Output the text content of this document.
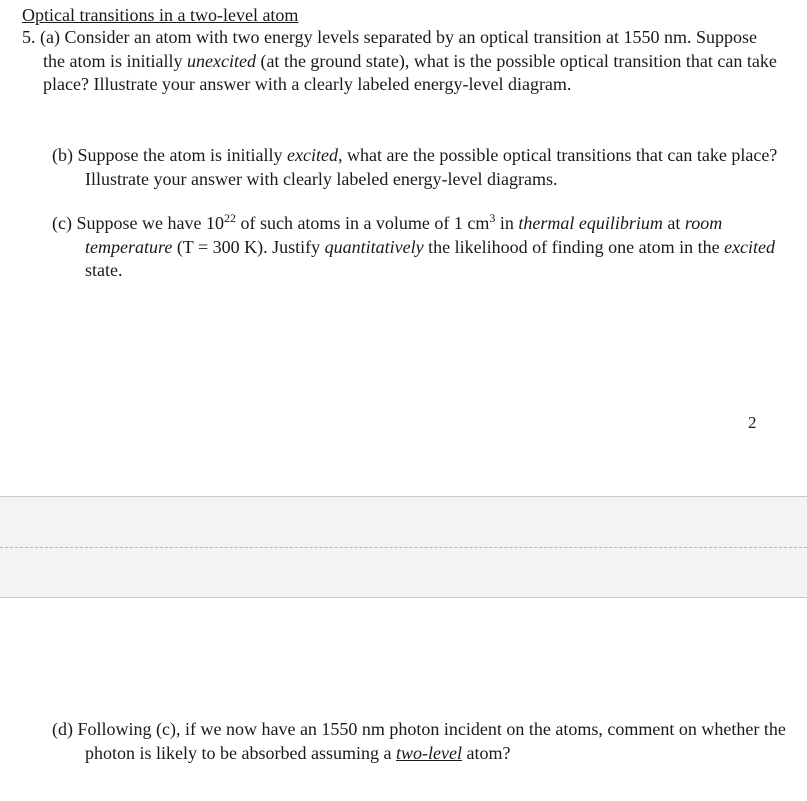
Optical transitions in a two-level atom
5. (a) Consider an atom with two energy levels separated by an optical transition at 1550 nm. Suppose the atom is initially unexcited (at the ground state), what is the possible optical transition that can take place? Illustrate your answer with a clearly labeled energy-level diagram.
(b) Suppose the atom is initially excited, what are the possible optical transitions that can take place? Illustrate your answer with clearly labeled energy-level diagrams.
(c) Suppose we have $10^{22}$ of such atoms in a volume of 1 $cm^3$ in thermal equilibrium at room temperature (T = 300 K). Justify quantitatively the likelihood of finding one atom in the excited state.
2
(d) Following (c), if we now have an 1550 nm photon incident on the atoms, comment on whether the photon is likely to be absorbed assuming a two-level atom?
